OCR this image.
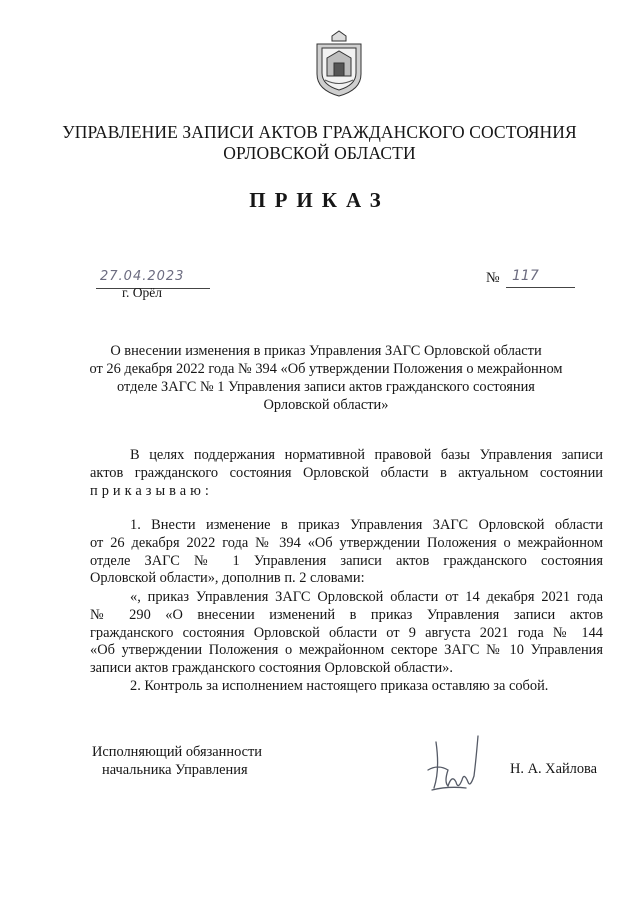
УПРАВЛЕНИЕ ЗАПИСИ АКТОВ ГРАЖДАНСКОГО СОСТОЯНИЯ
ОРЛОВСКОЙ ОБЛАСТИ
ПРИКАЗ
27.04.2023
г. Орёл
№ 117
О внесении изменения в приказ Управления ЗАГС Орловской области
от 26 декабря 2022 года № 394 «Об утверждении Положения о межрайонном
отделе ЗАГС № 1 Управления записи актов гражданского состояния
Орловской области»
В целях поддержания нормативной правовой базы Управления записи
актов гражданского состояния Орловской области в актуальном состоянии
приказываю:
1. Внести изменение в приказ Управления ЗАГС Орловской области
от 26 декабря 2022 года № 394 «Об утверждении Положения о межрайонном
отделе ЗАГС № 1 Управления записи актов гражданского состояния
Орловской области», дополнив п. 2 словами:
«, приказ Управления ЗАГС Орловской области от 14 декабря 2021 года
№ 290 «О внесении изменений в приказ Управления записи актов
гражданского состояния Орловской области от 9 августа 2021 года № 144
«Об утверждении Положения о межрайонном секторе ЗАГС № 10 Управления
записи актов гражданского состояния Орловской области».
2. Контроль за исполнением настоящего приказа оставляю за собой.
Исполняющий обязанности
начальника Управления	Н. А. Хайлова
